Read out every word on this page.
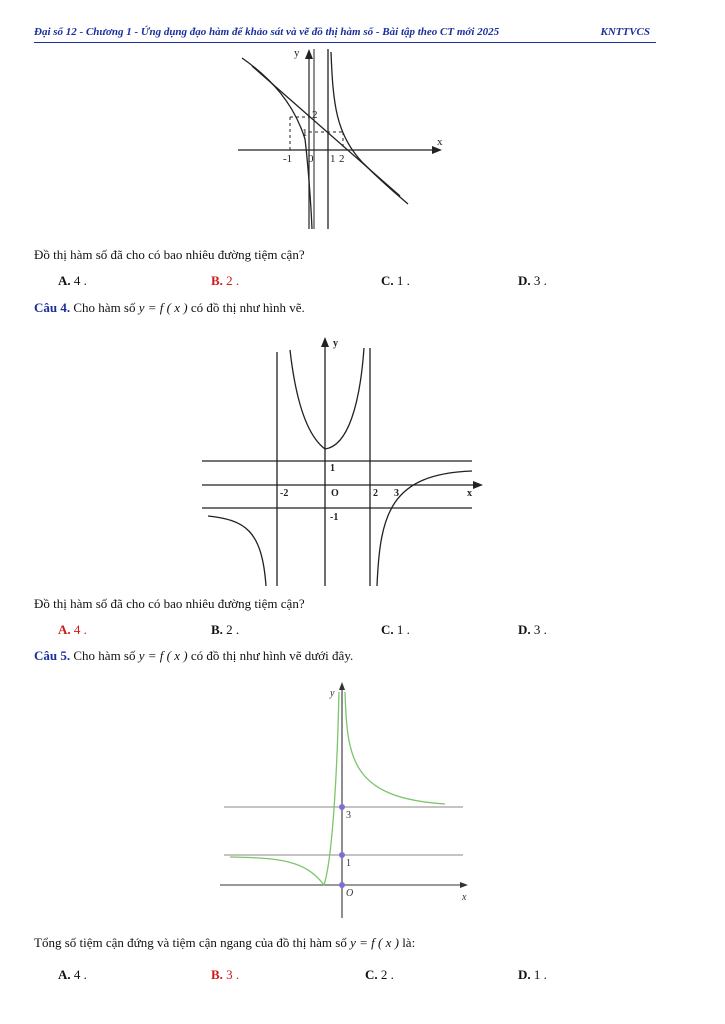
Đại số 12 - Chương 1 - Ứng dụng đạo hàm để khảo sát và vẽ đồ thị hàm số - Bài tập theo CT mới 2025	KNTTVCS
y
x
2
1
-1 0 1 2
Đồ thị hàm số đã cho có bao nhiêu đường tiệm cận?
A. 4 .	B. 2 .	C. 1 .	D. 3 .
Câu 4. Cho hàm số y = f ( x ) có đồ thị như hình vẽ.
y
x
1
-1
-2	O	2 3
Đồ thị hàm số đã cho có bao nhiêu đường tiệm cận?
A. 4 .	B. 2 .	C. 1 .	D. 3 .
Câu 5. Cho hàm số y = f ( x ) có đồ thị như hình vẽ dưới đây.
y
x
3
1
O
Tổng số tiệm cận đứng và tiệm cận ngang của đồ thị hàm số y = f ( x ) là:
A. 4 .	B. 3 .	C. 2 .	D. 1 .
